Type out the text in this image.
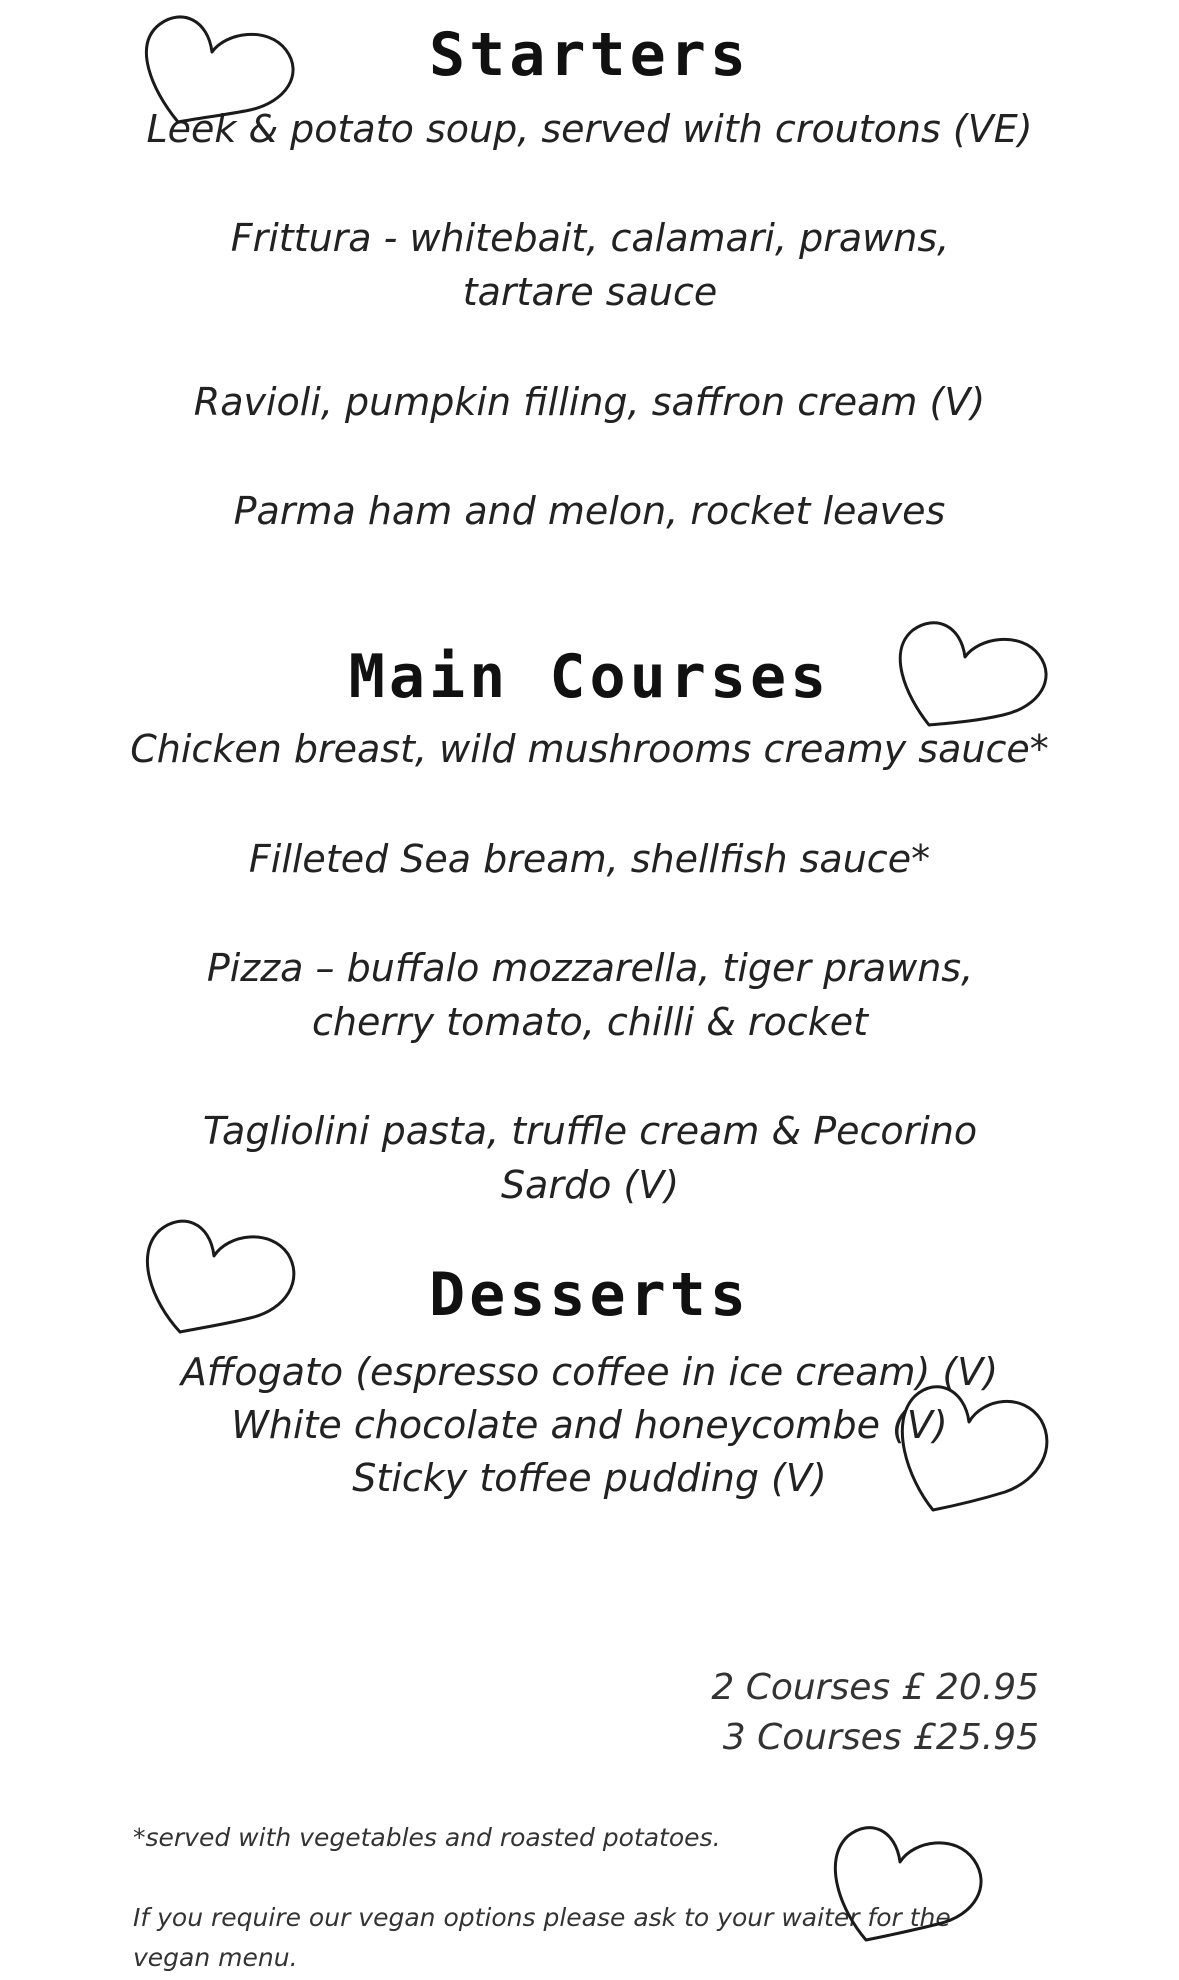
Starters

Leek & potato soup, served with croutons (VE)

Frittura - whitebait, calamari, prawns, tartare sauce

Ravioli, pumpkin filling, saffron cream (V)

Parma ham and melon, rocket leaves

Main Courses

Chicken breast, wild mushrooms creamy sauce*

Filleted Sea bream, shellfish sauce*

Pizza – buffalo mozzarella, tiger prawns, cherry tomato, chilli & rocket

Tagliolini pasta, truffle cream & Pecorino Sardo (V)

Desserts

Affogato (espresso coffee in ice cream) (V)

White chocolate and honeycombe (V)

Sticky toffee pudding (V)

2 Courses £ 20.95

3 Courses £25.95

*served with vegetables and roasted potatoes.

If you require our vegan options please ask to your waiter for the vegan menu.
